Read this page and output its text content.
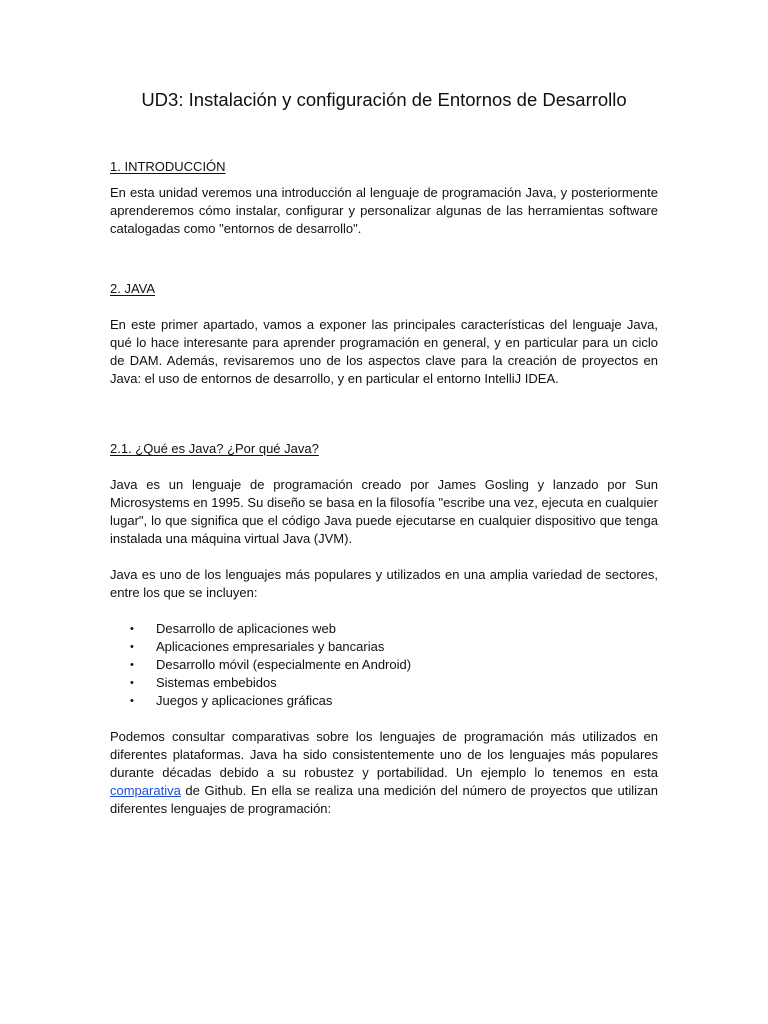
UD3: Instalación y configuración de Entornos de Desarrollo
1. INTRODUCCIÓN

En esta unidad veremos una introducción al lenguaje de programación Java, y posteriormente aprenderemos cómo instalar, configurar y personalizar algunas de las herramientas software catalogadas como "entornos de desarrollo".

2. JAVA

En este primer apartado, vamos a exponer las principales características del lenguaje Java, qué lo hace interesante para aprender programación en general, y en particular para un ciclo de DAM. Además, revisaremos uno de los aspectos clave para la creación de proyectos en Java: el uso de entornos de desarrollo, y en particular el entorno IntelliJ IDEA.

2.1. ¿Qué es Java? ¿Por qué Java?

Java es un lenguaje de programación creado por James Gosling y lanzado por Sun Microsystems en 1995. Su diseño se basa en la filosofía "escribe una vez, ejecuta en cualquier lugar", lo que significa que el código Java puede ejecutarse en cualquier dispositivo que tenga instalada una máquina virtual Java (JVM).

Java es uno de los lenguajes más populares y utilizados en una amplia variedad de sectores, entre los que se incluyen:

• Desarrollo de aplicaciones web
• Aplicaciones empresariales y bancarias
• Desarrollo móvil (especialmente en Android)
• Sistemas embebidos
• Juegos y aplicaciones gráficas

Podemos consultar comparativas sobre los lenguajes de programación más utilizados en diferentes plataformas. Java ha sido consistentemente uno de los lenguajes más populares durante décadas debido a su robustez y portabilidad. Un ejemplo lo tenemos en esta comparativa de Github. En ella se realiza una medición del número de proyectos que utilizan diferentes lenguajes de programación:
